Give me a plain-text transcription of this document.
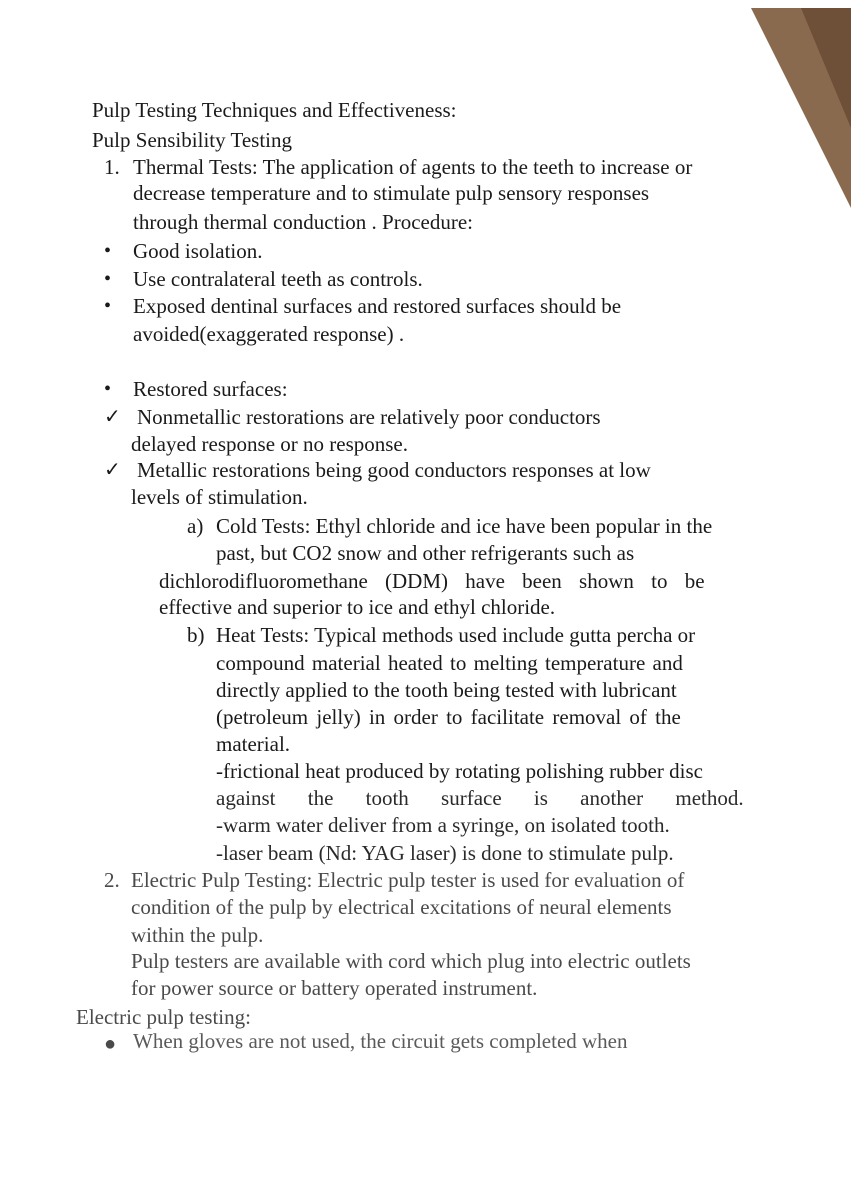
Pulp Testing Techniques and Effectiveness:
Pulp Sensibility Testing
1. Thermal Tests: The application of agents to the teeth to increase or
decrease temperature and to stimulate pulp sensory responses
through thermal conduction . Procedure:
• Good isolation.
• Use contralateral teeth as controls.
• Exposed dentinal surfaces and restored surfaces should be
avoided(exaggerated response) .
• Restored surfaces:
✓ Nonmetallic restorations are relatively poor conductors
delayed response or no response.
✓ Metallic restorations being good conductors responses at low
levels of stimulation.
a) Cold Tests: Ethyl chloride and ice have been popular in the
past, but CO2 snow and other refrigerants such as
dichlorodifluoromethane (DDM) have been shown to be
effective and superior to ice and ethyl chloride.
b) Heat Tests: Typical methods used include gutta percha or
compound material heated to melting temperature and
directly applied to the tooth being tested with lubricant
(petroleum jelly) in order to facilitate removal of the
material.
-frictional heat produced by rotating polishing rubber disc
against the tooth surface is another method.
-warm water deliver from a syringe, on isolated tooth.
-laser beam (Nd: YAG laser) is done to stimulate pulp.
2. Electric Pulp Testing: Electric pulp tester is used for evaluation of
condition of the pulp by electrical excitations of neural elements
within the pulp.
Pulp testers are available with cord which plug into electric outlets
for power source or battery operated instrument.
Electric pulp testing:
● When gloves are not used, the circuit gets completed when
